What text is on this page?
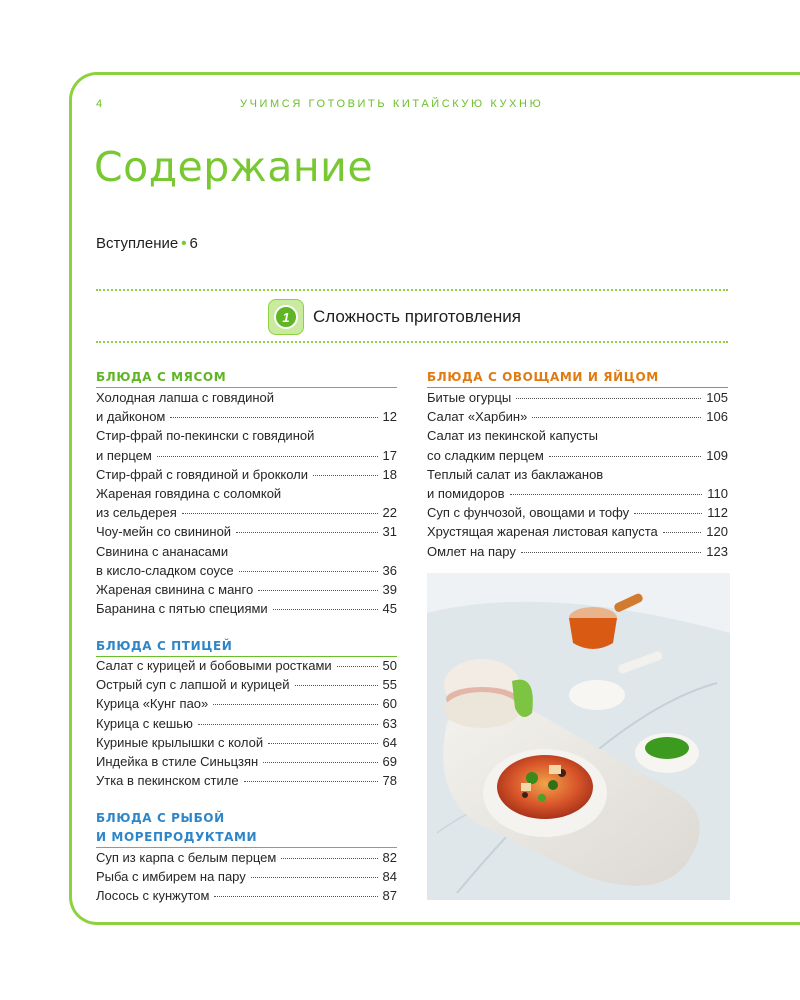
4	УЧИМСЯ ГОТОВИТЬ КИТАЙСКУЮ КУХНЮ
Содержание
Вступление • 6
1	Сложность приготовления
БЛЮДА С МЯСОМ
Холодная лапша с говядиной
и дайконом	12
Стир-фрай по-пекински с говядиной
и перцем	17
Стир-фрай с говядиной и брокколи	18
Жареная говядина с соломкой
из сельдерея	22
Чоу-мейн со свининой	31
Свинина с ананасами
в кисло-сладком соусе	36
Жареная свинина с манго	39
Баранина с пятью специями	45
БЛЮДА С ПТИЦЕЙ
Салат с курицей и бобовыми ростками	50
Острый суп с лапшой и курицей	55
Курица «Кунг пао»	60
Курица с кешью	63
Куриные крылышки с колой	64
Индейка в стиле Синьцзян	69
Утка в пекинском стиле	78
БЛЮДА С РЫБОЙ
И МОРЕПРОДУКТАМИ
Суп из карпа с белым перцем	82
Рыба с имбирем на пару	84
Лосось с кунжутом	87
БЛЮДА С ОВОЩАМИ И ЯЙЦОМ
Битые огурцы	105
Салат «Харбин»	106
Салат из пекинской капусты
со сладким перцем	109
Теплый салат из баклажанов
и помидоров	110
Суп с фунчозой, овощами и тофу	112
Хрустящая жареная листовая капуста	120
Омлет на пару	123
